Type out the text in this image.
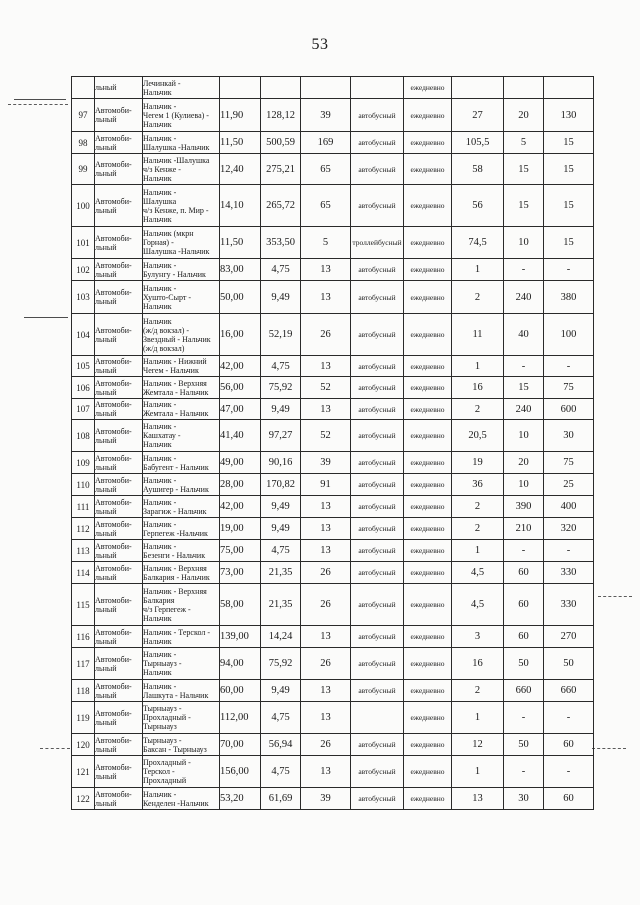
53

	льный	Лечинкай -
Нальчик					ежедневно				

97	Автомоби-
льный	Нальчик -
Чегем 1 (Кулиева) -
Нальчик	11,90	128,12	39	автобусный	ежедневно	27	20	130	

98	Автомоби-
льный	Нальчик -
Шалушка -Нальчик	11,50	500,59	169	автобусный	ежедневно	105,5	5	15	

99	Автомоби-
льный	Нальчик -Шалушка
ч/з Кенже -
Нальчик	12,40	275,21	65	автобусный	ежедневно	58	15	15	

100	Автомоби-
льный	Нальчик -
Шалушка
ч/з Кенже, п. Мир -
Нальчик	14,10	265,72	65	автобусный	ежедневно	56	15	15	

101	Автомоби-
льный	Нальчик (мкрн
Горная) -
Шалушка -Нальчик	11,50	353,50	5	троллейбусный	ежедневно	74,5	10	15	

102	Автомоби-
льный	Нальчик -
Булунгу - Нальчик	83,00	4,75	13	автобусный	ежедневно	1	-	-	

103	Автомоби-
льный	Нальчик -
Хушто-Сырт -
Нальчик	50,00	9,49	13	автобусный	ежедневно	2	240	380	

104	Автомоби-
льный	Нальчик
(ж/д вокзал) -
Звездный - Нальчик
(ж/д вокзал)	16,00	52,19	26	автобусный	ежедневно	11	40	100	

105	Автомоби-
льный	Нальчик - Нижний
Чегем - Нальчик	42,00	4,75	13	автобусный	ежедневно	1	-	-	

106	Автомоби-
льный	Нальчик - Верхняя
Жемтала - Нальчик	56,00	75,92	52	автобусный	ежедневно	16	15	75	

107	Автомоби-
льный	Нальчик -
Жемтала - Нальчик	47,00	9,49	13	автобусный	ежедневно	2	240	600	

108	Автомоби-
льный	Нальчик -
Кашхатау -
Нальчик	41,40	97,27	52	автобусный	ежедневно	20,5	10	30	

109	Автомоби-
льный	Нальчик -
Бабугент - Нальчик	49,00	90,16	39	автобусный	ежедневно	19	20	75	

110	Автомоби-
льный	Нальчик -
Аушигер - Нальчик	28,00	170,82	91	автобусный	ежедневно	36	10	25	

111	Автомоби-
льный	Нальчик -
Зарагиж - Нальчик	42,00	9,49	13	автобусный	ежедневно	2	390	400	

112	Автомоби-
льный	Нальчик -
Герпегеж -Нальчик	19,00	9,49	13	автобусный	ежедневно	2	210	320	

113	Автомоби-
льный	Нальчик -
Безенги - Нальчик	75,00	4,75	13	автобусный	ежедневно	1	-	-	

114	Автомоби-
льный	Нальчик - Верхняя
Балкария - Нальчик	73,00	21,35	26	автобусный	ежедневно	4,5	60	330	

115	Автомоби-
льный	Нальчик - Верхняя
Балкария
ч/з Герпегеж -
Нальчик	58,00	21,35	26	автобусный	ежедневно	4,5	60	330	

116	Автомоби-
льный	Нальчик - Терскол -
Нальчик	139,00	14,24	13	автобусный	ежедневно	3	60	270	

117	Автомоби-
льный	Нальчик -
Тырныауз -
Нальчик	94,00	75,92	26	автобусный	ежедневно	16	50	50	

118	Автомоби-
льный	Нальчик -
Лашкута - Нальчик	60,00	9,49	13	автобусный	ежедневно	2	660	660	

119	Автомоби-
льный	Тырныауз -
Прохладный -
Тырныауз	112,00	4,75	13		ежедневно	1	-	-	

120	Автомоби-
льный	Тырныауз -
Баксан - Тырныауз	70,00	56,94	26	автобусный	ежедневно	12	50	60	

121	Автомоби-
льный	Прохладный -
Терскол -
Прохладный	156,00	4,75	13	автобусный	ежедневно	1	-	-	

122	Автомоби-
льный	Нальчик -
Кенделен -Нальчик	53,20	61,69	39	автобусный	ежедневно	13	30	60	
